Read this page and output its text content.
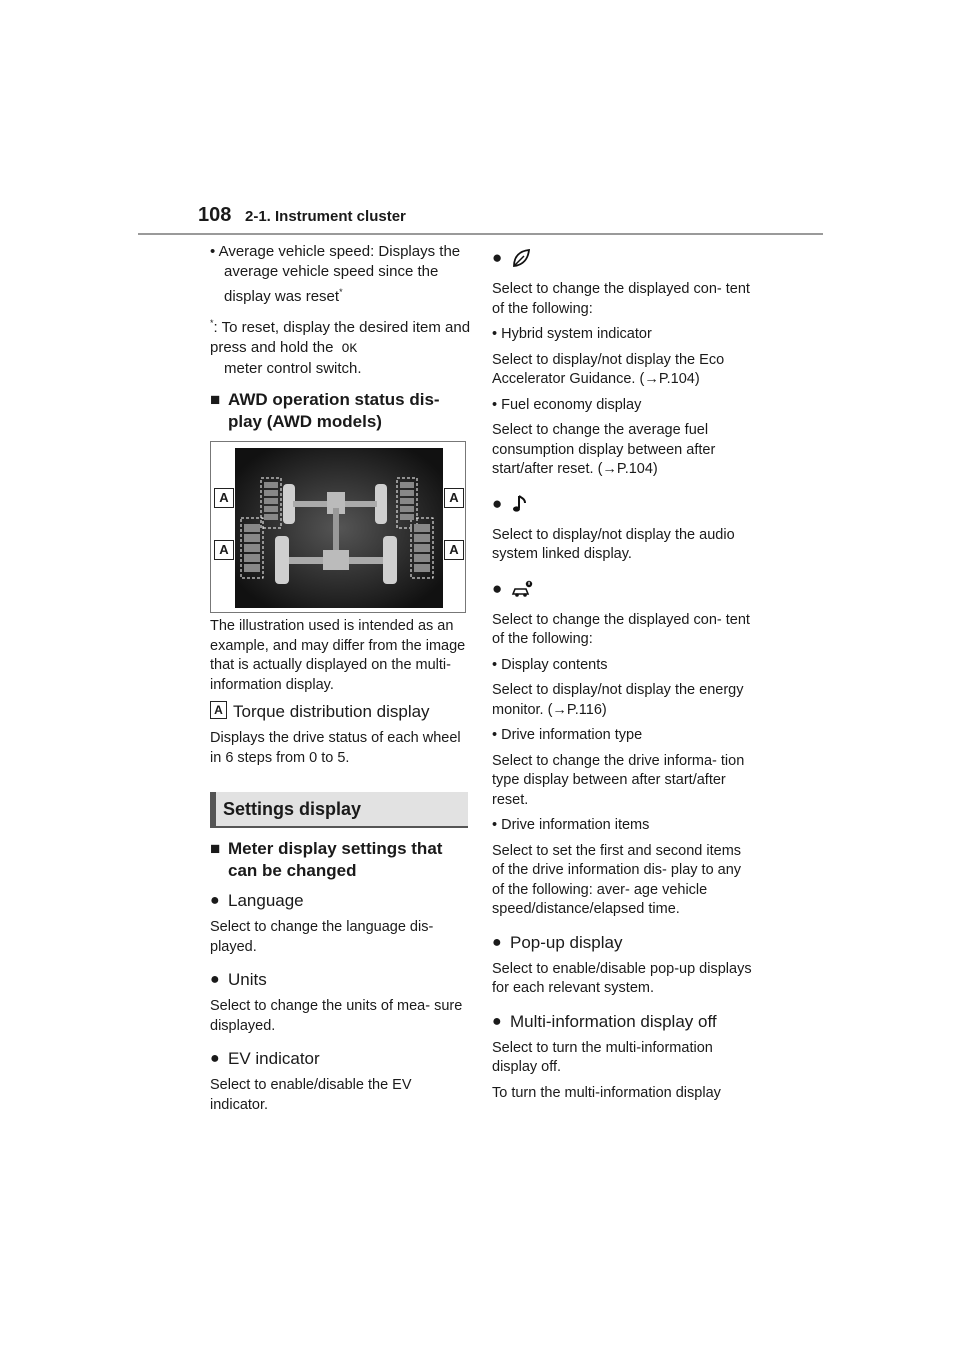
108 2-1. Instrument cluster

• Average vehicle speed: Displays the average vehicle speed since the display was reset*

*: To reset, display the desired item and press and hold the OK
meter control switch.

■ AWD operation status dis-
play (AWD models)
A
A
A
A

The illustration used is intended as an example, and may differ from the image that is actually displayed on the multi-information display.

A Torque distribution display

Displays the drive status of each wheel in 6 steps from 0 to 5.

Settings display
■ Meter display settings that
can be changed
● Language

Select to change the language dis- played.

● Units

Select to change the units of mea- sure displayed.

● EV indicator

Select to enable/disable the EV indicator.

●

Select to change the displayed con- tent of the following:

• Hybrid system indicator

Select to display/not display the Eco Accelerator Guidance. (→P.104)

• Fuel economy display

Select to change the average fuel consumption display between after start/after reset. (→P.104)

●

Select to display/not display the audio system linked display.

●

Select to change the displayed con- tent of the following:

• Display contents

Select to display/not display the energy monitor. (→P.116)

• Drive information type

Select to change the drive informa- tion type display between after start/after reset.

• Drive information items

Select to set the first and second items of the drive information dis- play to any of the following: aver- age vehicle speed/distance/elapsed time.

● Pop-up display

Select to enable/disable pop-up displays for each relevant system.

● Multi-information display off

Select to turn the multi-information display off.

To turn the multi-information display
